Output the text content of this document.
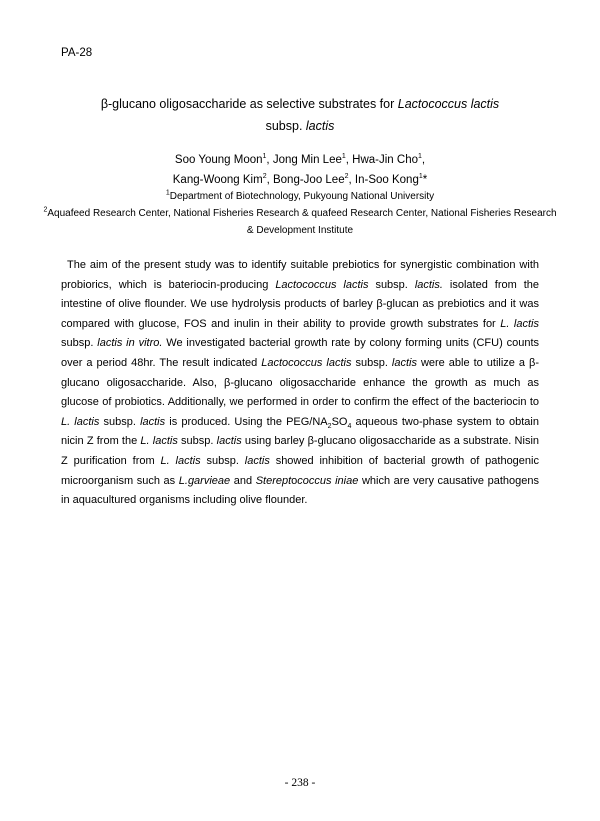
PA-28
β-glucano oligosaccharide as selective substrates for Lactococcus lactis
subsp. lactis
Soo Young Moon$^1$, Jong Min Lee$^1$, Hwa-Jin Cho$^1$,
Kang-Woong Kim$^2$, Bong-Joo Lee$^2$, In-Soo Kong$^1$*
$^1$Department of Biotechnology, Pukyoung National University
$^2$Aquafeed Research Center, National Fisheries Research & quafeed Research Center, National Fisheries Research & Development Institute

The aim of the present study was to identify suitable prebiotics for synergistic combination with probiorics, which is bateriocin-producing Lactococcus lactis subsp. lactis. isolated from the intestine of olive flounder. We use hydrolysis products of barley β-glucan as prebiotics and it was compared with glucose, FOS and inulin in their ability to provide growth substrates for L. lactis subsp. lactis in vitro. We investigated bacterial growth rate by colony forming units (CFU) counts over a period 48hr. The result indicated Lactococcus lactis subsp. lactis were able to utilize a β-glucano oligosaccharide. Also, β-glucano oligosaccharide enhance the growth as much as glucose of probiotics. Additionally, we performed in order to confirm the effect of the bacteriocin to L. lactis subsp. lactis is produced. Using the PEG/$NA_2SO_4$ aqueous two-phase system to obtain nicin Z from the L. lactis subsp. lactis using barley β-glucano oligosaccharide as a substrate. Nisin Z purification from L. lactis subsp. lactis showed inhibition of bacterial growth of pathogenic microorganism such as L.garvieae and Stereptococcus iniae which are very causative pathogens in aquacultured organisms including olive flounder.

- 238 -
